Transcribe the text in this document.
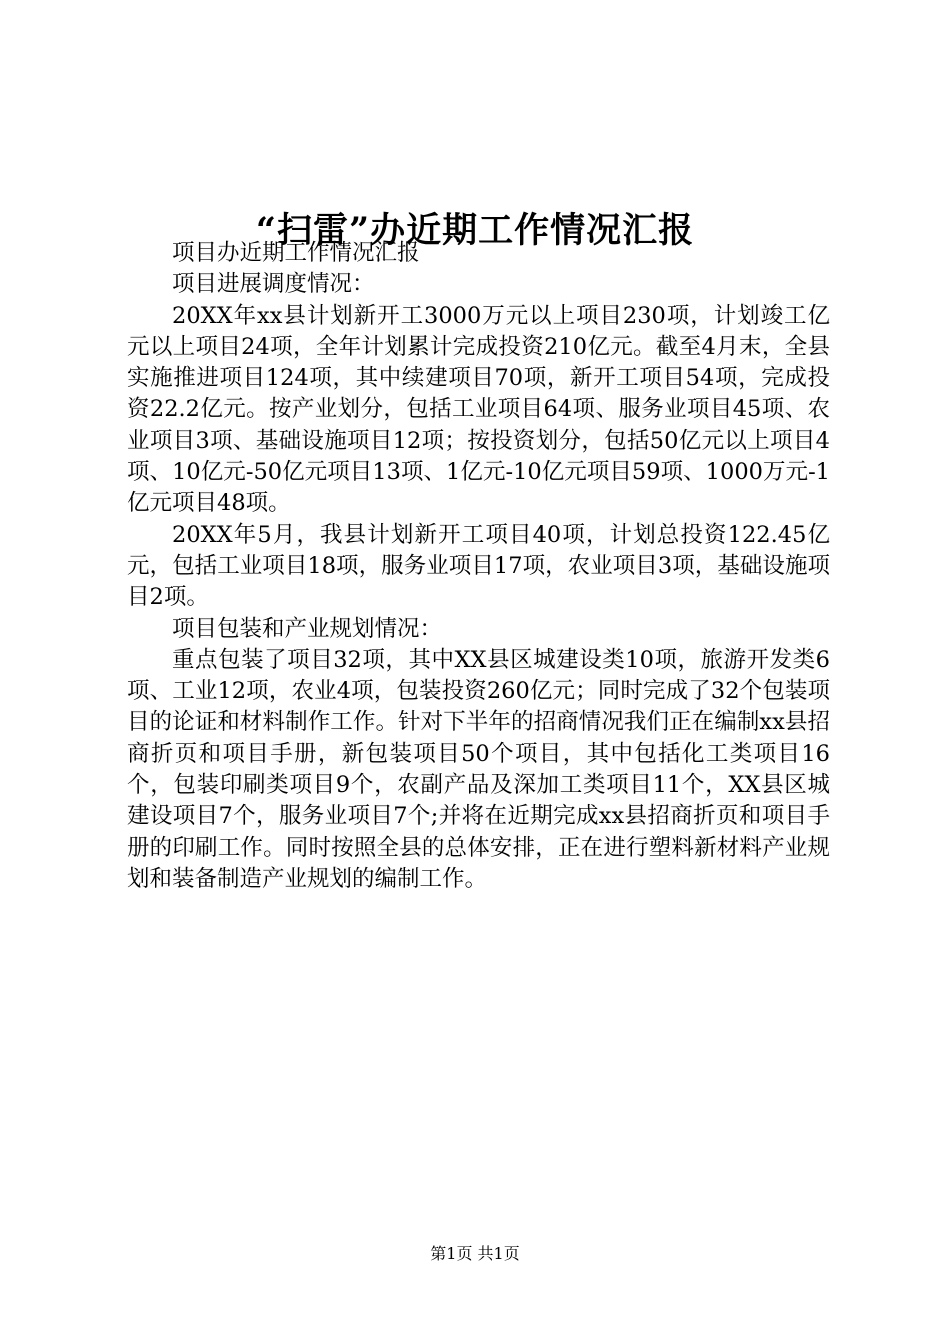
“扫雷”办近期工作情况汇报

项目办近期工作情况汇报

项目进展调度情况：

20XX年xx县计划新开工3000万元以上项目230项，计划竣工亿元以上项目24项，全年计划累计完成投资210亿元。截至4月末，全县实施推进项目124项，其中续建项目70项，新开工项目54项，完成投资22.2亿元。按产业划分，包括工业项目64项、服务业项目45项、农业项目3项、基础设施项目12项；按投资划分，包括50亿元以上项目4项、10亿元-50亿元项目13项、1亿元-10亿元项目59项、1000万元-1亿元项目48项。

20XX年5月，我县计划新开工项目40项，计划总投资122.45亿元，包括工业项目18项，服务业项目17项，农业项目3项，基础设施项目2项。

项目包装和产业规划情况：

重点包装了项目32项，其中XX县区城建设类10项，旅游开发类6项、工业12项，农业4项，包装投资260亿元；同时完成了32个包装项目的论证和材料制作工作。针对下半年的招商情况我们正在编制xx县招商折页和项目手册，新包装项目50个项目，其中包括化工类项目16个，包装印刷类项目9个，农副产品及深加工类项目11个，XX县区城建设项目7个，服务业项目7个;并将在近期完成xx县招商折页和项目手册的印刷工作。同时按照全县的总体安排，正在进行塑料新材料产业规划和装备制造产业规划的编制工作。

第1页 共1页
